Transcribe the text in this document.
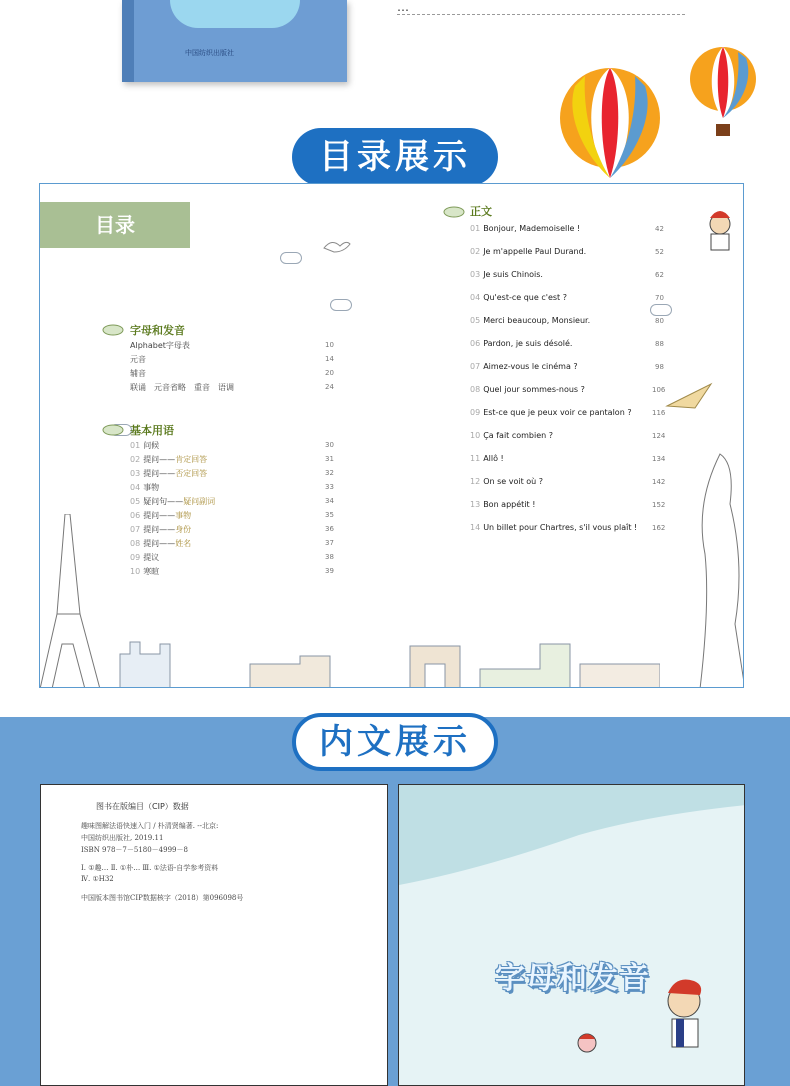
中国纺织出版社
…
目录展示
目录
字母和发音
Alphabet字母表	10
元音	14
辅音	20
联诵　元音省略　重音　语调	24
基本用语
01 问候	30
02 提问——肯定回答	31
03 提问——否定回答	32
04 事物	33
05 疑问句——疑问副词	34
06 提问——事物	35
07 提问——身份	36
08 提问——姓名	37
09 提议	38
10 寒暄	39
正文
01 Bonjour, Mademoiselle !	42
02 Je m'appelle Paul Durand.	52
03 Je suis Chinois.	62
04 Qu'est-ce que c'est ?	70
05 Merci beaucoup, Monsieur.	80
06 Pardon, je suis désolé.	88
07 Aimez-vous le cinéma ?	98
08 Quel jour sommes-nous ?	106
09 Est-ce que je peux voir ce pantalon ?	116
10 Ça fait combien ?	124
11 Allô !	134
12 On se voit où ?	142
13 Bon appétit !	152
14 Un billet pour Chartres, s'il vous plaît ! 162
内文展示
图书在版编目（CIP）数据
趣味图解法语快速入门 / 朴清贤编著. --北京:
中国纺织出版社, 2019.11
ISBN 978－7－5180－4999－8
Ⅰ. ①趣… Ⅱ. ①朴… Ⅲ. ①法语-自学参考资料
Ⅳ. ①H32
中国版本图书馆CIP数据核字（2018）第096098号
字母和发音
